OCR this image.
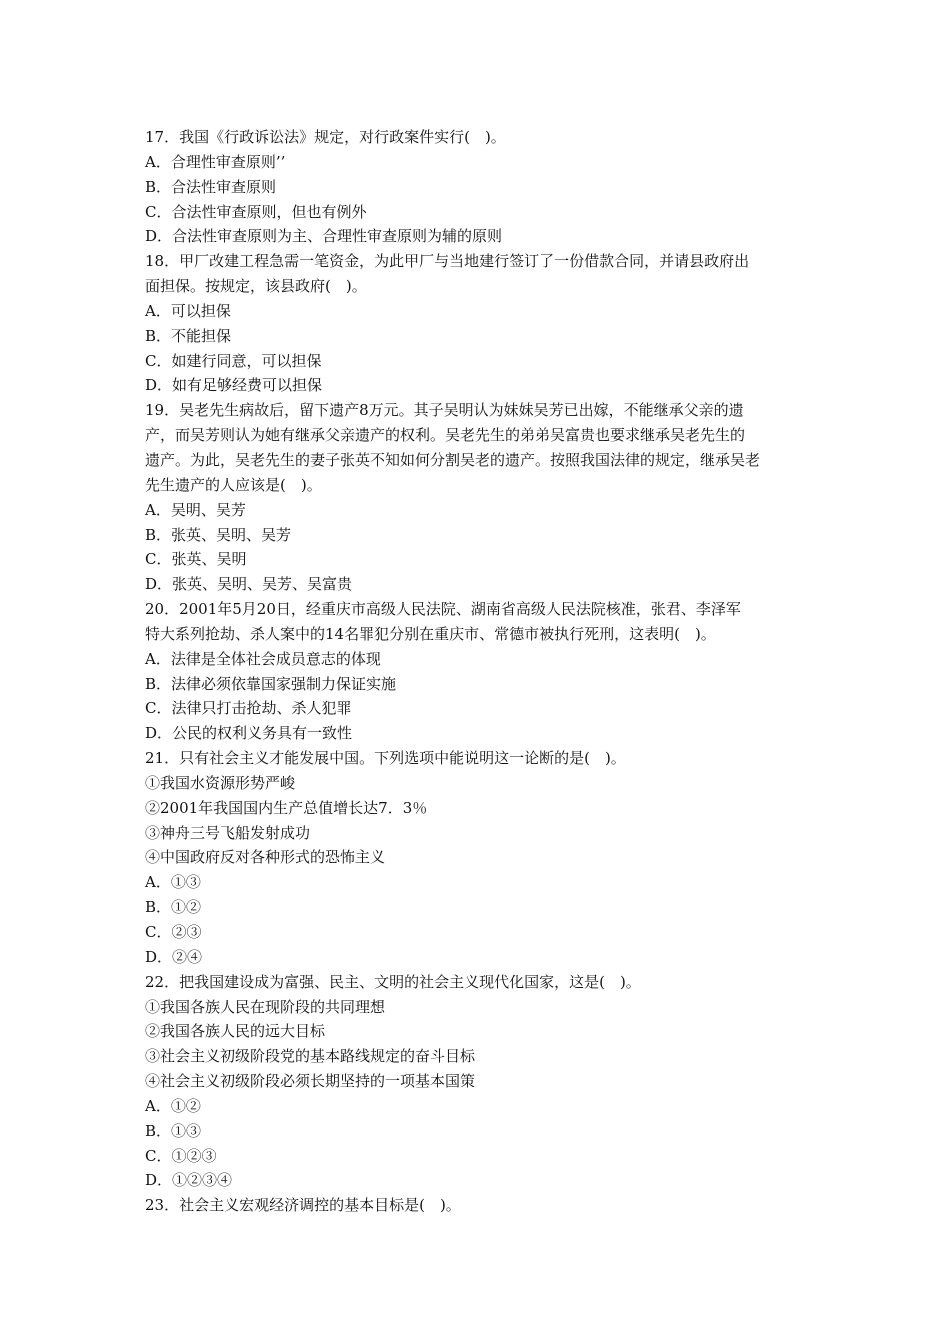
17．我国《行政诉讼法》规定，对行政案件实行(　)。
A．合理性审查原则’’
B．合法性审查原则
C．合法性审查原则，但也有例外
D．合法性审查原则为主、合理性审查原则为辅的原则
18．甲厂改建工程急需一笔资金，为此甲厂与当地建行签订了一份借款合同，并请县政府出
面担保。按规定，该县政府(　)。
A．可以担保
B．不能担保
C．如建行同意，可以担保
D．如有足够经费可以担保
19．吴老先生病故后，留下遗产8万元。其子吴明认为妹妹吴芳已出嫁，不能继承父亲的遗
产，而吴芳则认为她有继承父亲遗产的权利。吴老先生的弟弟吴富贵也要求继承吴老先生的
遗产。为此，吴老先生的妻子张英不知如何分割吴老的遗产。按照我国法律的规定，继承吴老
先生遗产的人应该是(　)。
A．吴明、吴芳
B．张英、吴明、吴芳
C．张英、吴明
D．张英、吴明、吴芳、吴富贵
20．2001年5月20日，经重庆市高级人民法院、湖南省高级人民法院核准，张君、李泽军
特大系列抢劫、杀人案中的14名罪犯分别在重庆市、常德市被执行死刑，这表明(　)。
A．法律是全体社会成员意志的体现
B．法律必须依靠国家强制力保证实施
C．法律只打击抢劫、杀人犯罪
D．公民的权利义务具有一致性
21．只有社会主义才能发展中国。下列选项中能说明这一论断的是(　)。
①我国水资源形势严峻
②2001年我国国内生产总值增长达7．3％
③神舟三号飞船发射成功
④中国政府反对各种形式的恐怖主义
A．①③
B．①②
C．②③
D．②④
22．把我国建设成为富强、民主、文明的社会主义现代化国家，这是(　)。
①我国各族人民在现阶段的共同理想
②我国各族人民的远大目标
③社会主义初级阶段党的基本路线规定的奋斗目标
④社会主义初级阶段必须长期坚持的一项基本国策
A．①②
B．①③
C．①②③
D．①②③④
23．社会主义宏观经济调控的基本目标是(　)。
